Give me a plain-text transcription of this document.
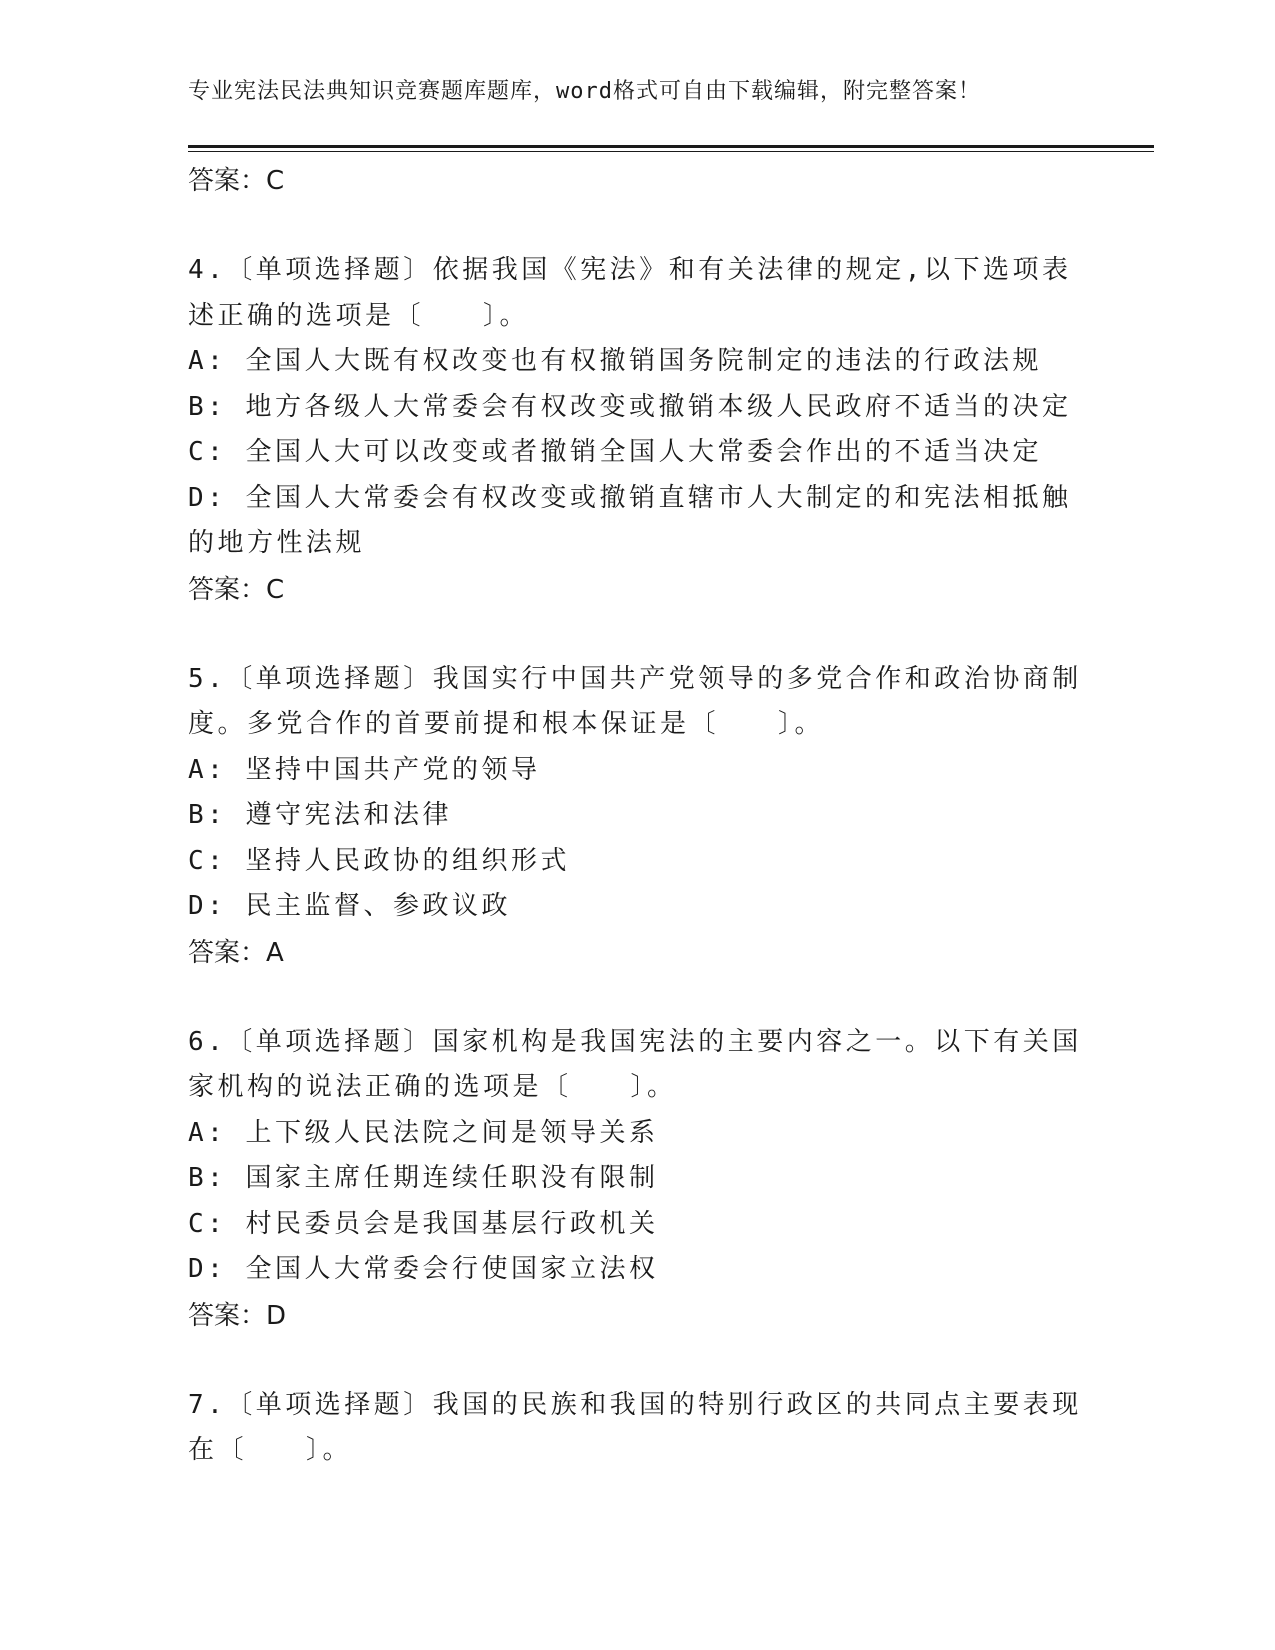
专业宪法民法典知识竞赛题库题库，word格式可自由下载编辑，附完整答案！
答案：C
4.〔单项选择题〕依据我国《宪法》和有关法律的规定,以下选项表述正确的选项是〔　　〕。
A: 全国人大既有权改变也有权撤销国务院制定的违法的行政法规
B: 地方各级人大常委会有权改变或撤销本级人民政府不适当的决定
C: 全国人大可以改变或者撤销全国人大常委会作出的不适当决定
D: 全国人大常委会有权改变或撤销直辖市人大制定的和宪法相抵触的地方性法规
答案：C
5.〔单项选择题〕我国实行中国共产党领导的多党合作和政治协商制度。多党合作的首要前提和根本保证是〔　　〕。
A: 坚持中国共产党的领导
B: 遵守宪法和法律
C: 坚持人民政协的组织形式
D: 民主监督、参政议政
答案：A
6.〔单项选择题〕国家机构是我国宪法的主要内容之一。以下有关国家机构的说法正确的选项是〔　　〕。
A: 上下级人民法院之间是领导关系
B: 国家主席任期连续任职没有限制
C: 村民委员会是我国基层行政机关
D: 全国人大常委会行使国家立法权
答案：D
7.〔单项选择题〕我国的民族和我国的特别行政区的共同点主要表现在〔　　〕。
